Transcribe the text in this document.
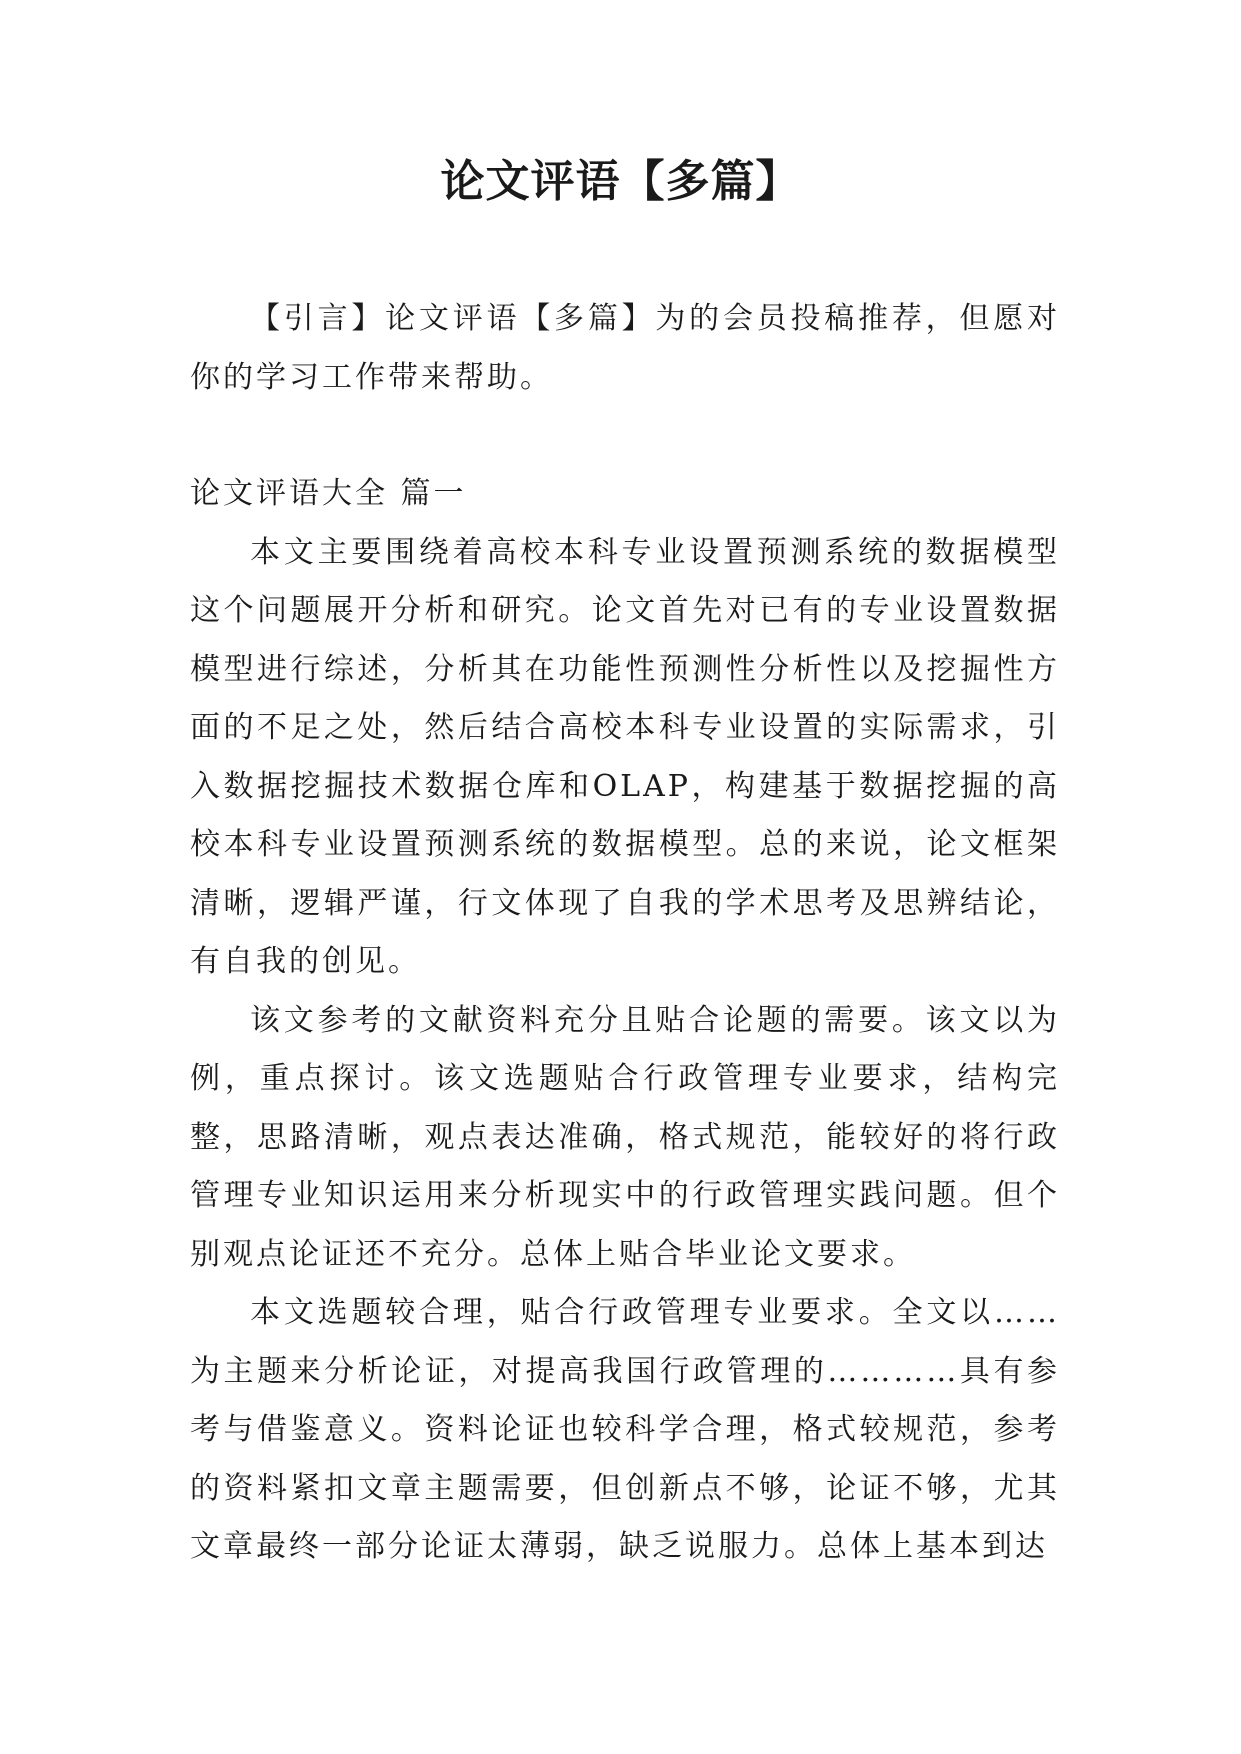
论文评语【多篇】

【引言】论文评语【多篇】为的会员投稿推荐，但愿对你的学习工作带来帮助。

论文评语大全 篇一

本文主要围绕着高校本科专业设置预测系统的数据模型这个问题展开分析和研究。论文首先对已有的专业设置数据模型进行综述，分析其在功能性预测性分析性以及挖掘性方面的不足之处，然后结合高校本科专业设置的实际需求，引入数据挖掘技术数据仓库和OLAP，构建基于数据挖掘的高校本科专业设置预测系统的数据模型。总的来说，论文框架清晰，逻辑严谨，行文体现了自我的学术思考及思辨结论，有自我的创见。

该文参考的文献资料充分且贴合论题的需要。该文以为例，重点探讨。该文选题贴合行政管理专业要求，结构完整，思路清晰，观点表达准确，格式规范，能较好的将行政管理专业知识运用来分析现实中的行政管理实践问题。但个别观点论证还不充分。总体上贴合毕业论文要求。

本文选题较合理，贴合行政管理专业要求。全文以……为主题来分析论证，对提高我国行政管理的…………具有参考与借鉴意义。资料论证也较科学合理，格式较规范，参考的资料紧扣文章主题需要，但创新点不够，论证不够，尤其文章最终一部分论证太薄弱，缺乏说服力。总体上基本到达
